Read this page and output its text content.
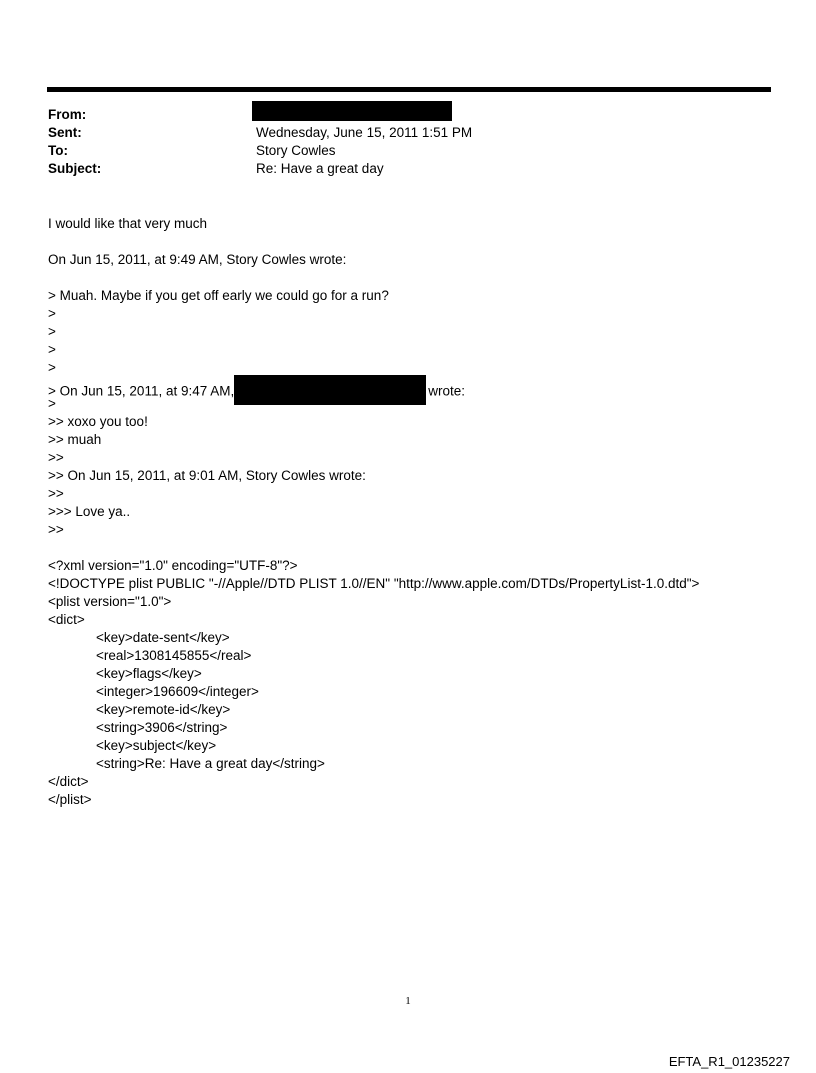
From:
Sent:	Wednesday, June 15, 2011 1:51 PM
To:	Story Cowles
Subject:	Re: Have a great day
I would like that very much
On Jun 15, 2011, at 9:49 AM, Story Cowles wrote:
> Muah. Maybe if you get off early we could go for a run?
>
>
>
>
> On Jun 15, 2011, at 9:47 AM,	wrote:
>
>> xoxo you too!
>> muah
>>
>> On Jun 15, 2011, at 9:01 AM, Story Cowles wrote:
>>
>>> Love ya..
>>
<?xml version="1.0" encoding="UTF-8"?>
<!DOCTYPE plist PUBLIC "-//Apple//DTD PLIST 1.0//EN" "http://www.apple.com/DTDs/PropertyList-1.0.dtd">
<plist version="1.0">
<dict>
<key>date-sent</key>
<real>1308145855</real>
<key>flags</key>
<integer>196609</integer>
<key>remote-id</key>
<string>3906</string>
<key>subject</key>
<string>Re: Have a great day</string>
</dict>
</plist>
1
EFTA_R1_01235227
